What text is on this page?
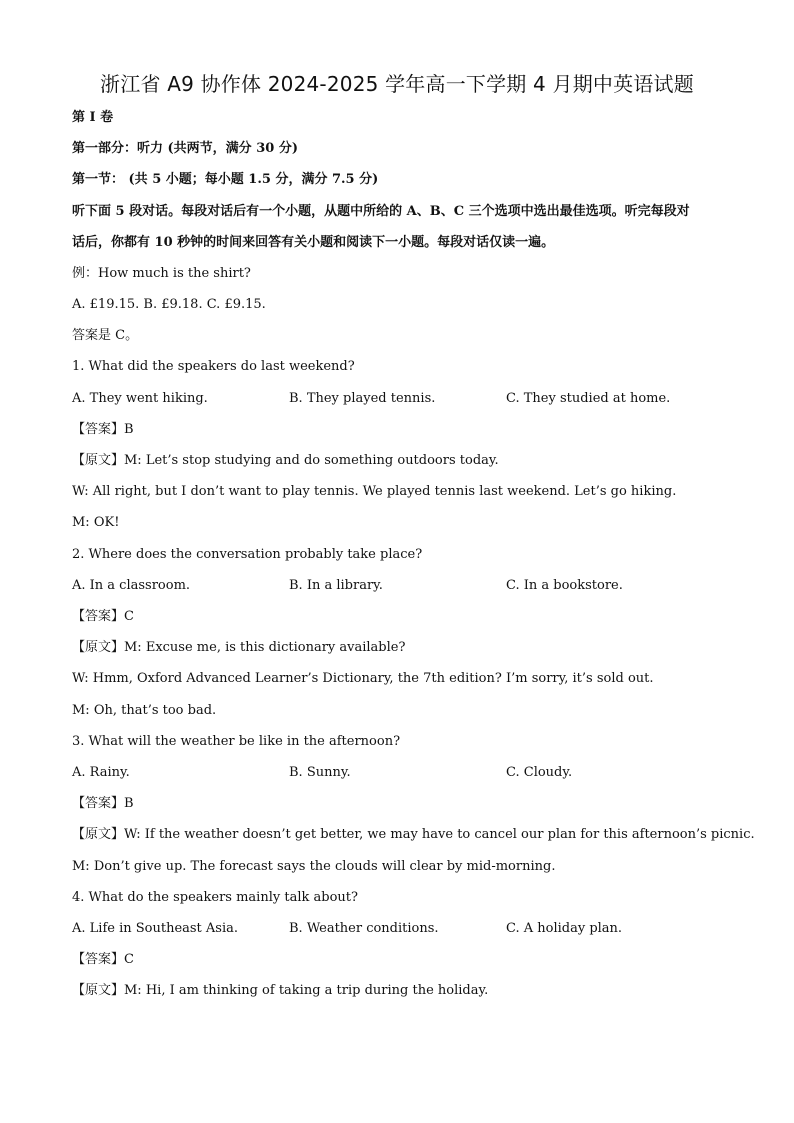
浙江省 A9 协作体 2024-2025 学年高一下学期 4 月期中英语试题
第 I 卷
第一部分：听力 (共两节，满分 30 分)
第一节： (共 5 小题；每小题 1.5 分，满分 7.5 分)
听下面 5 段对话。每段对话后有一个小题，从题中所给的 A、B、C 三个选项中选出最佳选项。听完每段对
话后，你都有 10 秒钟的时间来回答有关小题和阅读下一小题。每段对话仅读一遍。
例：How much is the shirt?
A. £19.15. B. £9.18. C. £9.15.
答案是 C。
1. What did the speakers do last weekend?
A. They went hiking.	B. They played tennis.	C. They studied at home.
【答案】B
【原文】M: Let’s stop studying and do something outdoors today.
W: All right, but I don’t want to play tennis. We played tennis last weekend. Let’s go hiking.
M: OK!
2. Where does the conversation probably take place?
A. In a classroom.	B. In a library.	C. In a bookstore.
【答案】C
【原文】M: Excuse me, is this dictionary available?
W: Hmm, Oxford Advanced Learner’s Dictionary, the 7th edition? I’m sorry, it’s sold out.
M: Oh, that’s too bad.
3. What will the weather be like in the afternoon?
A. Rainy.	B. Sunny.	C. Cloudy.
【答案】B
【原文】W: If the weather doesn’t get better, we may have to cancel our plan for this afternoon’s picnic.
M: Don’t give up. The forecast says the clouds will clear by mid-morning.
4. What do the speakers mainly talk about?
A. Life in Southeast Asia.	B. Weather conditions.	C. A holiday plan.
【答案】C
【原文】M: Hi, I am thinking of taking a trip during the holiday.
